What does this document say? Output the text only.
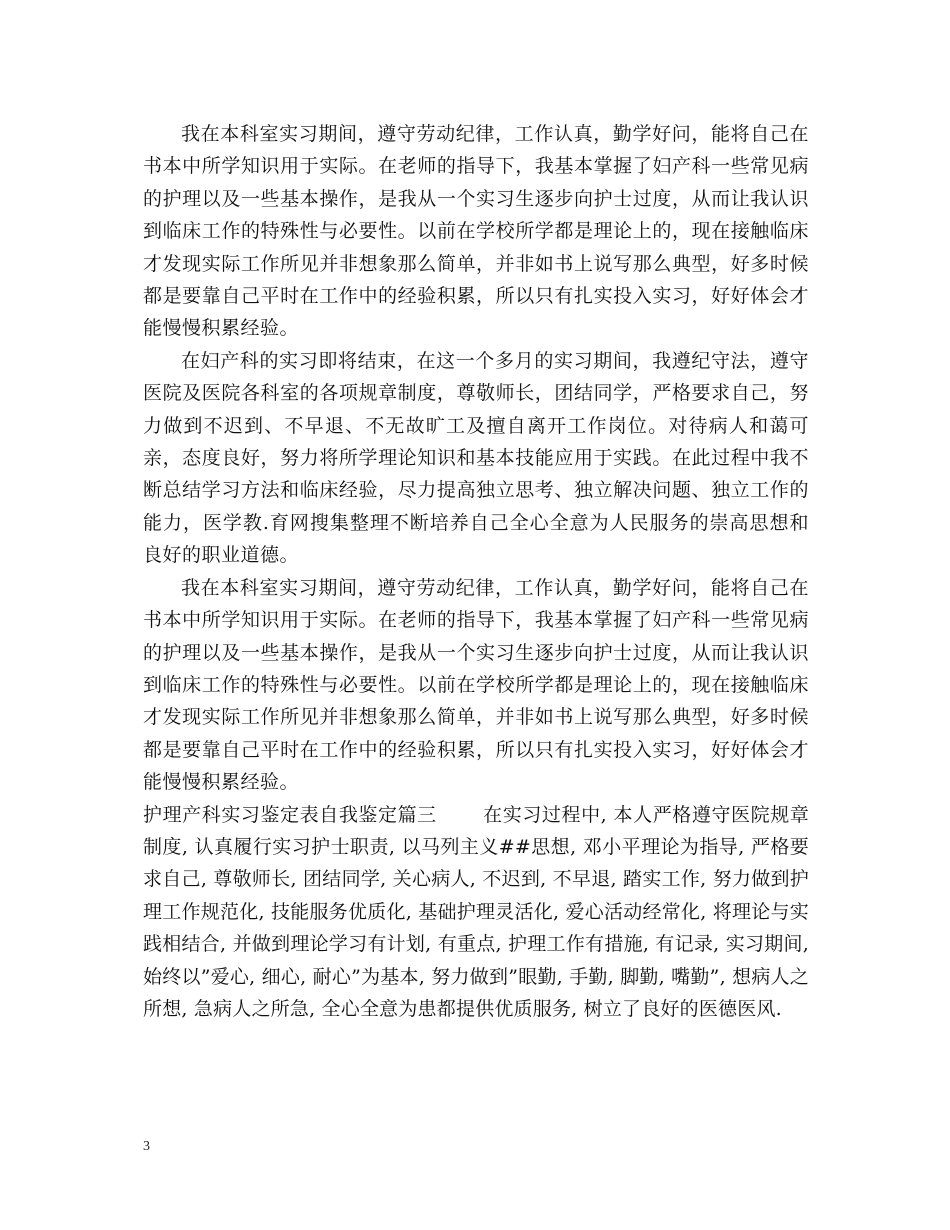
我在本科室实习期间，遵守劳动纪律，工作认真，勤学好问，能将自己在书本中所学知识用于实际。在老师的指导下，我基本掌握了妇产科一些常见病的护理以及一些基本操作，是我从一个实习生逐步向护士过度，从而让我认识到临床工作的特殊性与必要性。以前在学校所学都是理论上的，现在接触临床才发现实际工作所见并非想象那么简单，并非如书上说写那么典型，好多时候都是要靠自己平时在工作中的经验积累，所以只有扎实投入实习，好好体会才能慢慢积累经验。

在妇产科的实习即将结束，在这一个多月的实习期间，我遵纪守法，遵守医院及医院各科室的各项规章制度，尊敬师长，团结同学，严格要求自己，努力做到不迟到、不早退、不无故旷工及擅自离开工作岗位。对待病人和蔼可亲，态度良好，努力将所学理论知识和基本技能应用于实践。在此过程中我不断总结学习方法和临床经验，尽力提高独立思考、独立解决问题、独立工作的能力，医学教.育网搜集整理不断培养自己全心全意为人民服务的崇高思想和良好的职业道德。

我在本科室实习期间，遵守劳动纪律，工作认真，勤学好问，能将自己在书本中所学知识用于实际。在老师的指导下，我基本掌握了妇产科一些常见病的护理以及一些基本操作，是我从一个实习生逐步向护士过度，从而让我认识到临床工作的特殊性与必要性。以前在学校所学都是理论上的，现在接触临床才发现实际工作所见并非想象那么简单，并非如书上说写那么典型，好多时候都是要靠自己平时在工作中的经验积累，所以只有扎实投入实习，好好体会才能慢慢积累经验。

护理产科实习鉴定表自我鉴定篇三 在实习过程中, 本人严格遵守医院规章制度, 认真履行实习护士职责, 以马列主义##思想, 邓小平理论为指导, 严格要求自己, 尊敬师长, 团结同学, 关心病人, 不迟到, 不早退, 踏实工作, 努力做到护理工作规范化, 技能服务优质化, 基础护理灵活化, 爱心活动经常化, 将理论与实践相结合, 并做到理论学习有计划, 有重点, 护理工作有措施, 有记录, 实习期间, 始终以”爱心, 细心, 耐心”为基本, 努力做到”眼勤, 手勤, 脚勤, 嘴勤”, 想病人之所想, 急病人之所急, 全心全意为患都提供优质服务, 树立了良好的医德医风.

3
